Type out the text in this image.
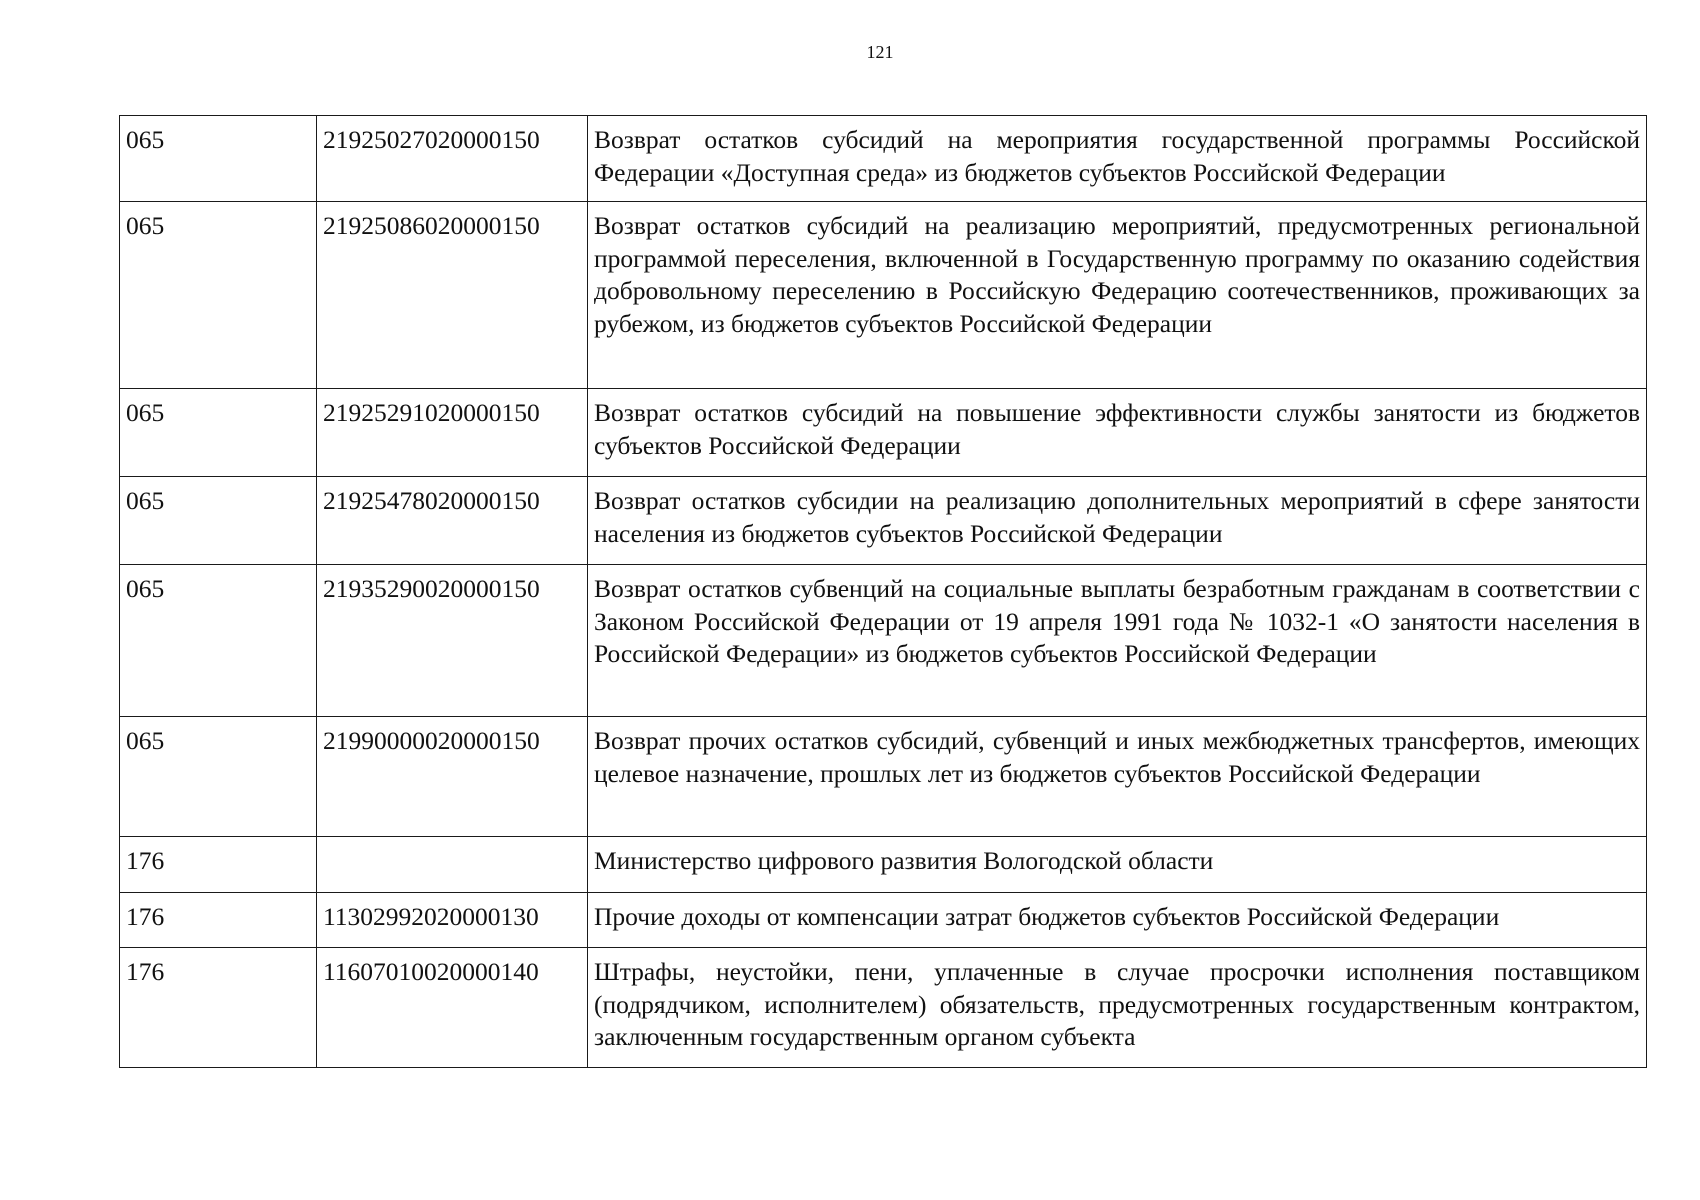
121
065	21925027020000150	Возврат остатков субсидий на мероприятия государственной программы Российской Федерации «Доступная среда» из бюджетов субъектов Российской Федерации
065	21925086020000150	Возврат остатков субсидий на реализацию мероприятий, предусмотренных региональной программой переселения, включенной в Государственную программу по оказанию содействия добровольному переселению в Российскую Федерацию соотечественников, проживающих за рубежом, из бюджетов субъектов Российской Федерации
065	21925291020000150	Возврат остатков субсидий на повышение эффективности службы занятости из бюджетов субъектов Российской Федерации
065	21925478020000150	Возврат остатков субсидии на реализацию дополнительных мероприятий в сфере занятости населения из бюджетов субъектов Российской Федерации
065	21935290020000150	Возврат остатков субвенций на социальные выплаты безработным гражданам в соответствии с Законом Российской Федерации от 19 апреля 1991 года № 1032-1 «О занятости населения в Российской Федерации» из бюджетов субъектов Российской Федерации
065	21990000020000150	Возврат прочих остатков субсидий, субвенций и иных межбюджетных трансфертов, имеющих целевое назначение, прошлых лет из бюджетов субъектов Российской Федерации
176		Министерство цифрового развития Вологодской области
176	11302992020000130	Прочие доходы от компенсации затрат бюджетов субъектов Российской Федерации
176	11607010020000140	Штрафы, неустойки, пени, уплаченные в случае просрочки исполнения поставщиком (подрядчиком, исполнителем) обязательств, предусмотренных государственным контрактом, заключенным государственным органом субъекта
